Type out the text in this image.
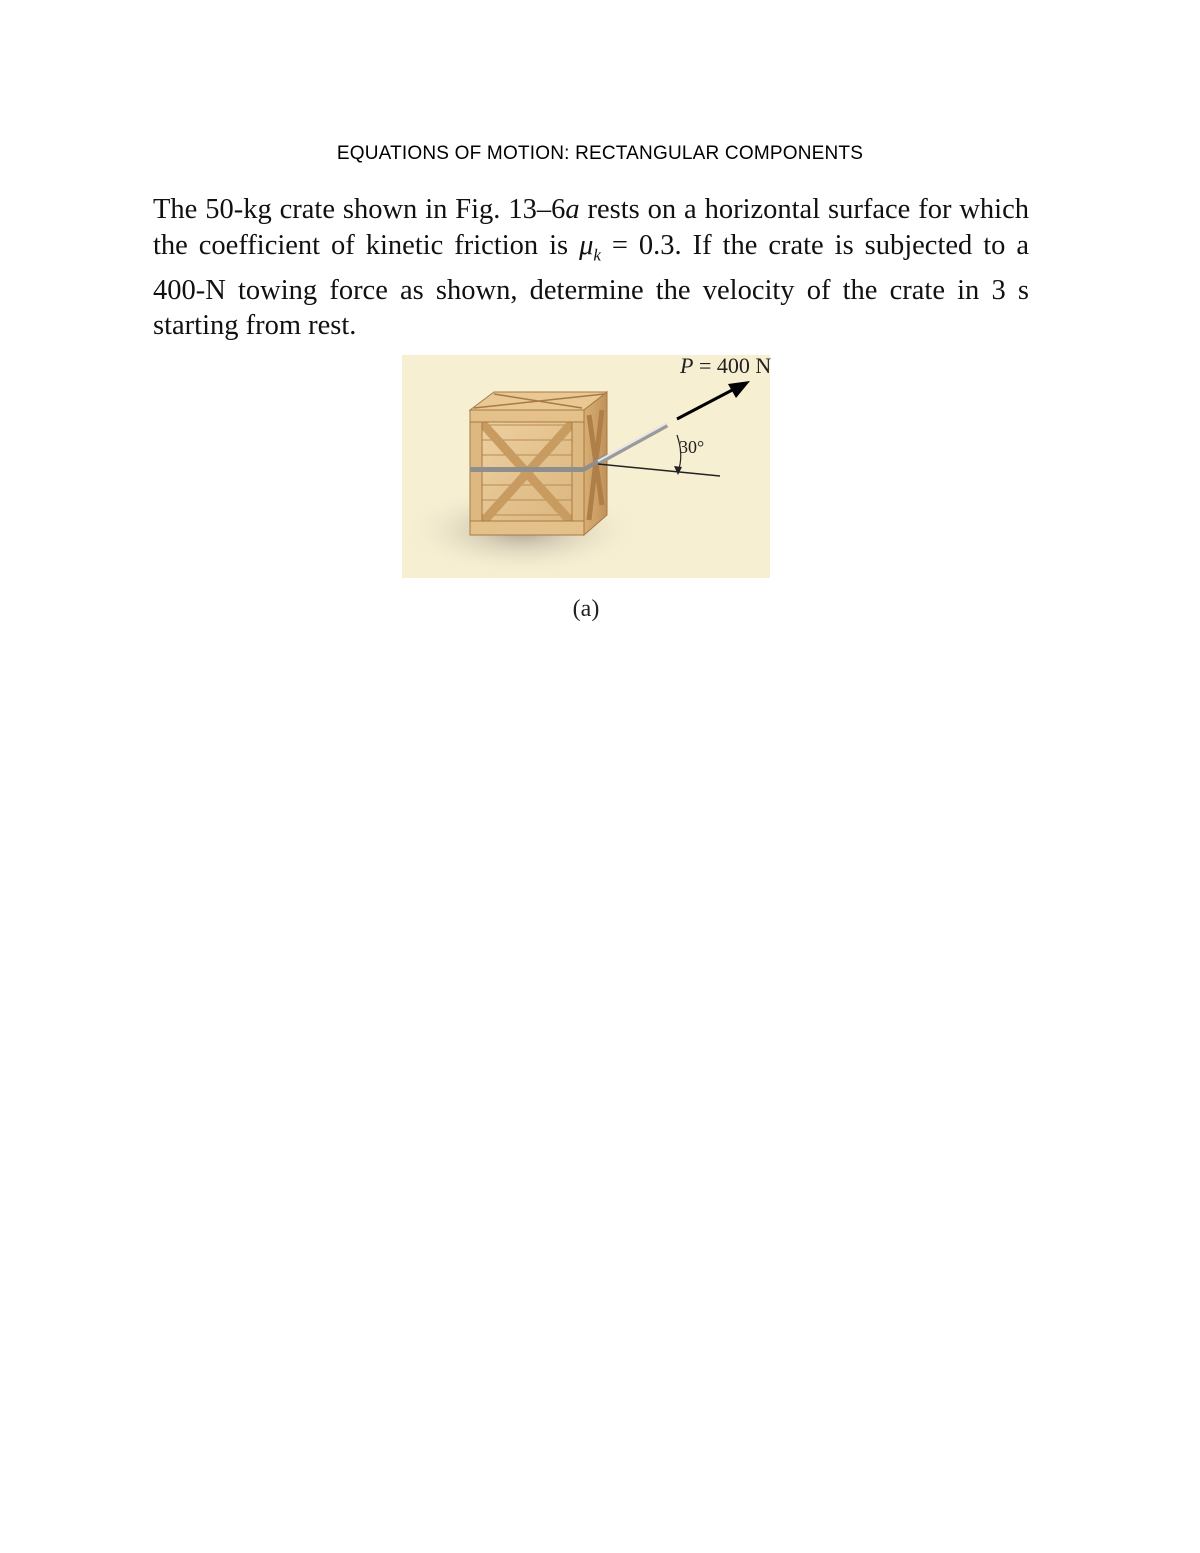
EQUATIONS OF MOTION: RECTANGULAR COMPONENTS
The 50-kg crate shown in Fig. 13–6a rests on a horizontal surface for which the coefficient of kinetic friction is $\mu_k = 0.3$. If the crate is subjected to a 400-N towing force as shown, determine the velocity of the crate in 3 s starting from rest.
P = 400 N
30°
(a)
